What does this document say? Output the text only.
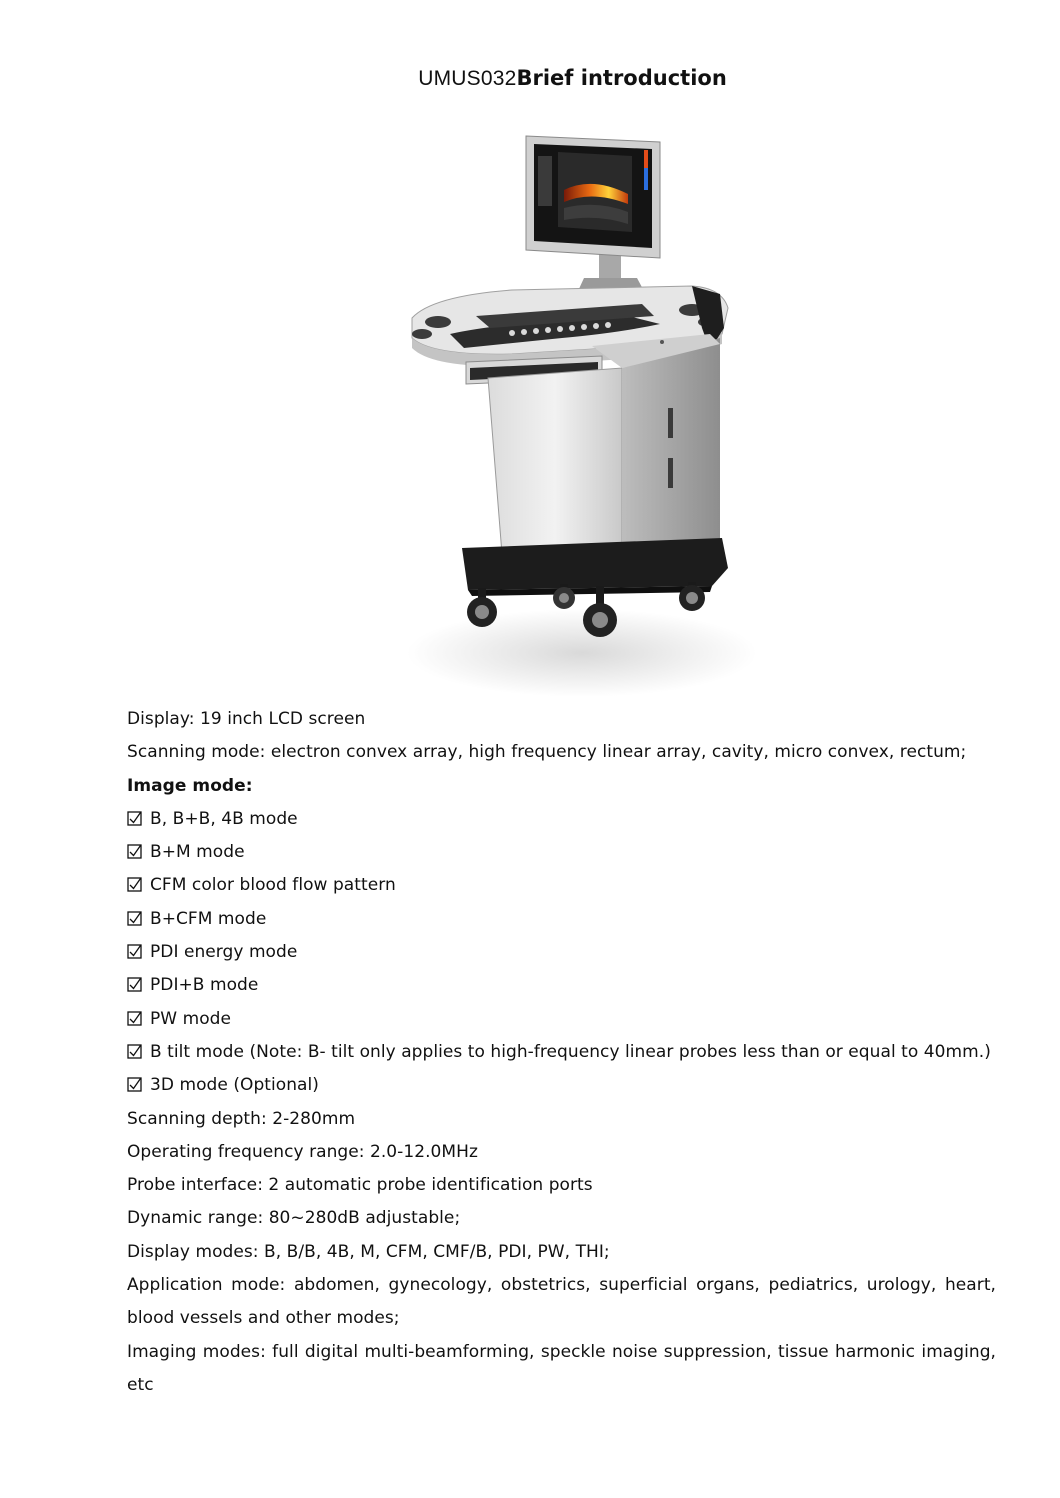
UMUS032Brief introduction
Display: 19 inch LCD screen
Scanning mode: electron convex array, high frequency linear array, cavity, micro convex, rectum;
Image mode:
B, B+B, 4B mode
B+M mode
CFM color blood flow pattern
B+CFM mode
PDI energy mode
PDI+B mode
PW mode
B tilt mode (Note: B- tilt only applies to high-frequency linear probes less than or equal to 40mm.)
3D mode (Optional)
Scanning depth: 2-280mm
Operating frequency range: 2.0-12.0MHz
Probe interface: 2 automatic probe identification ports
Dynamic range: 80~280dB adjustable;
Display modes: B, B/B, 4B, M, CFM, CMF/B, PDI, PW, THI;
Application mode: abdomen, gynecology, obstetrics, superficial organs, pediatrics, urology, heart, blood vessels and other modes;
Imaging modes: full digital multi-beamforming, speckle noise suppression, tissue harmonic imaging, etc
